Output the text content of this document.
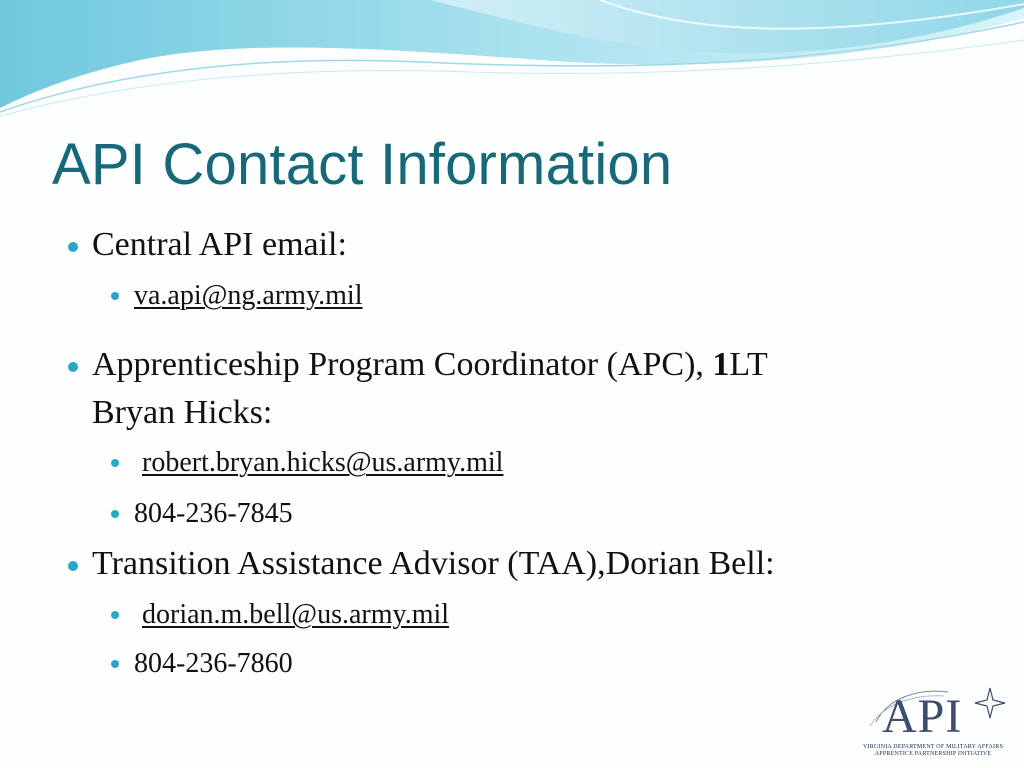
API Contact Information
Central API email:
va.api@ng.army.mil
Apprenticeship Program Coordinator (APC), 1LT
Bryan Hicks:
robert.bryan.hicks@us.army.mil
804-236-7845
Transition Assistance Advisor (TAA),Dorian Bell:
dorian.m.bell@us.army.mil
804-236-7860
API
VIRGINIA DEPARTMENT OF MILITARY AFFAIRS
APPRENTICE PARTNERSHIP INITIATIVE
